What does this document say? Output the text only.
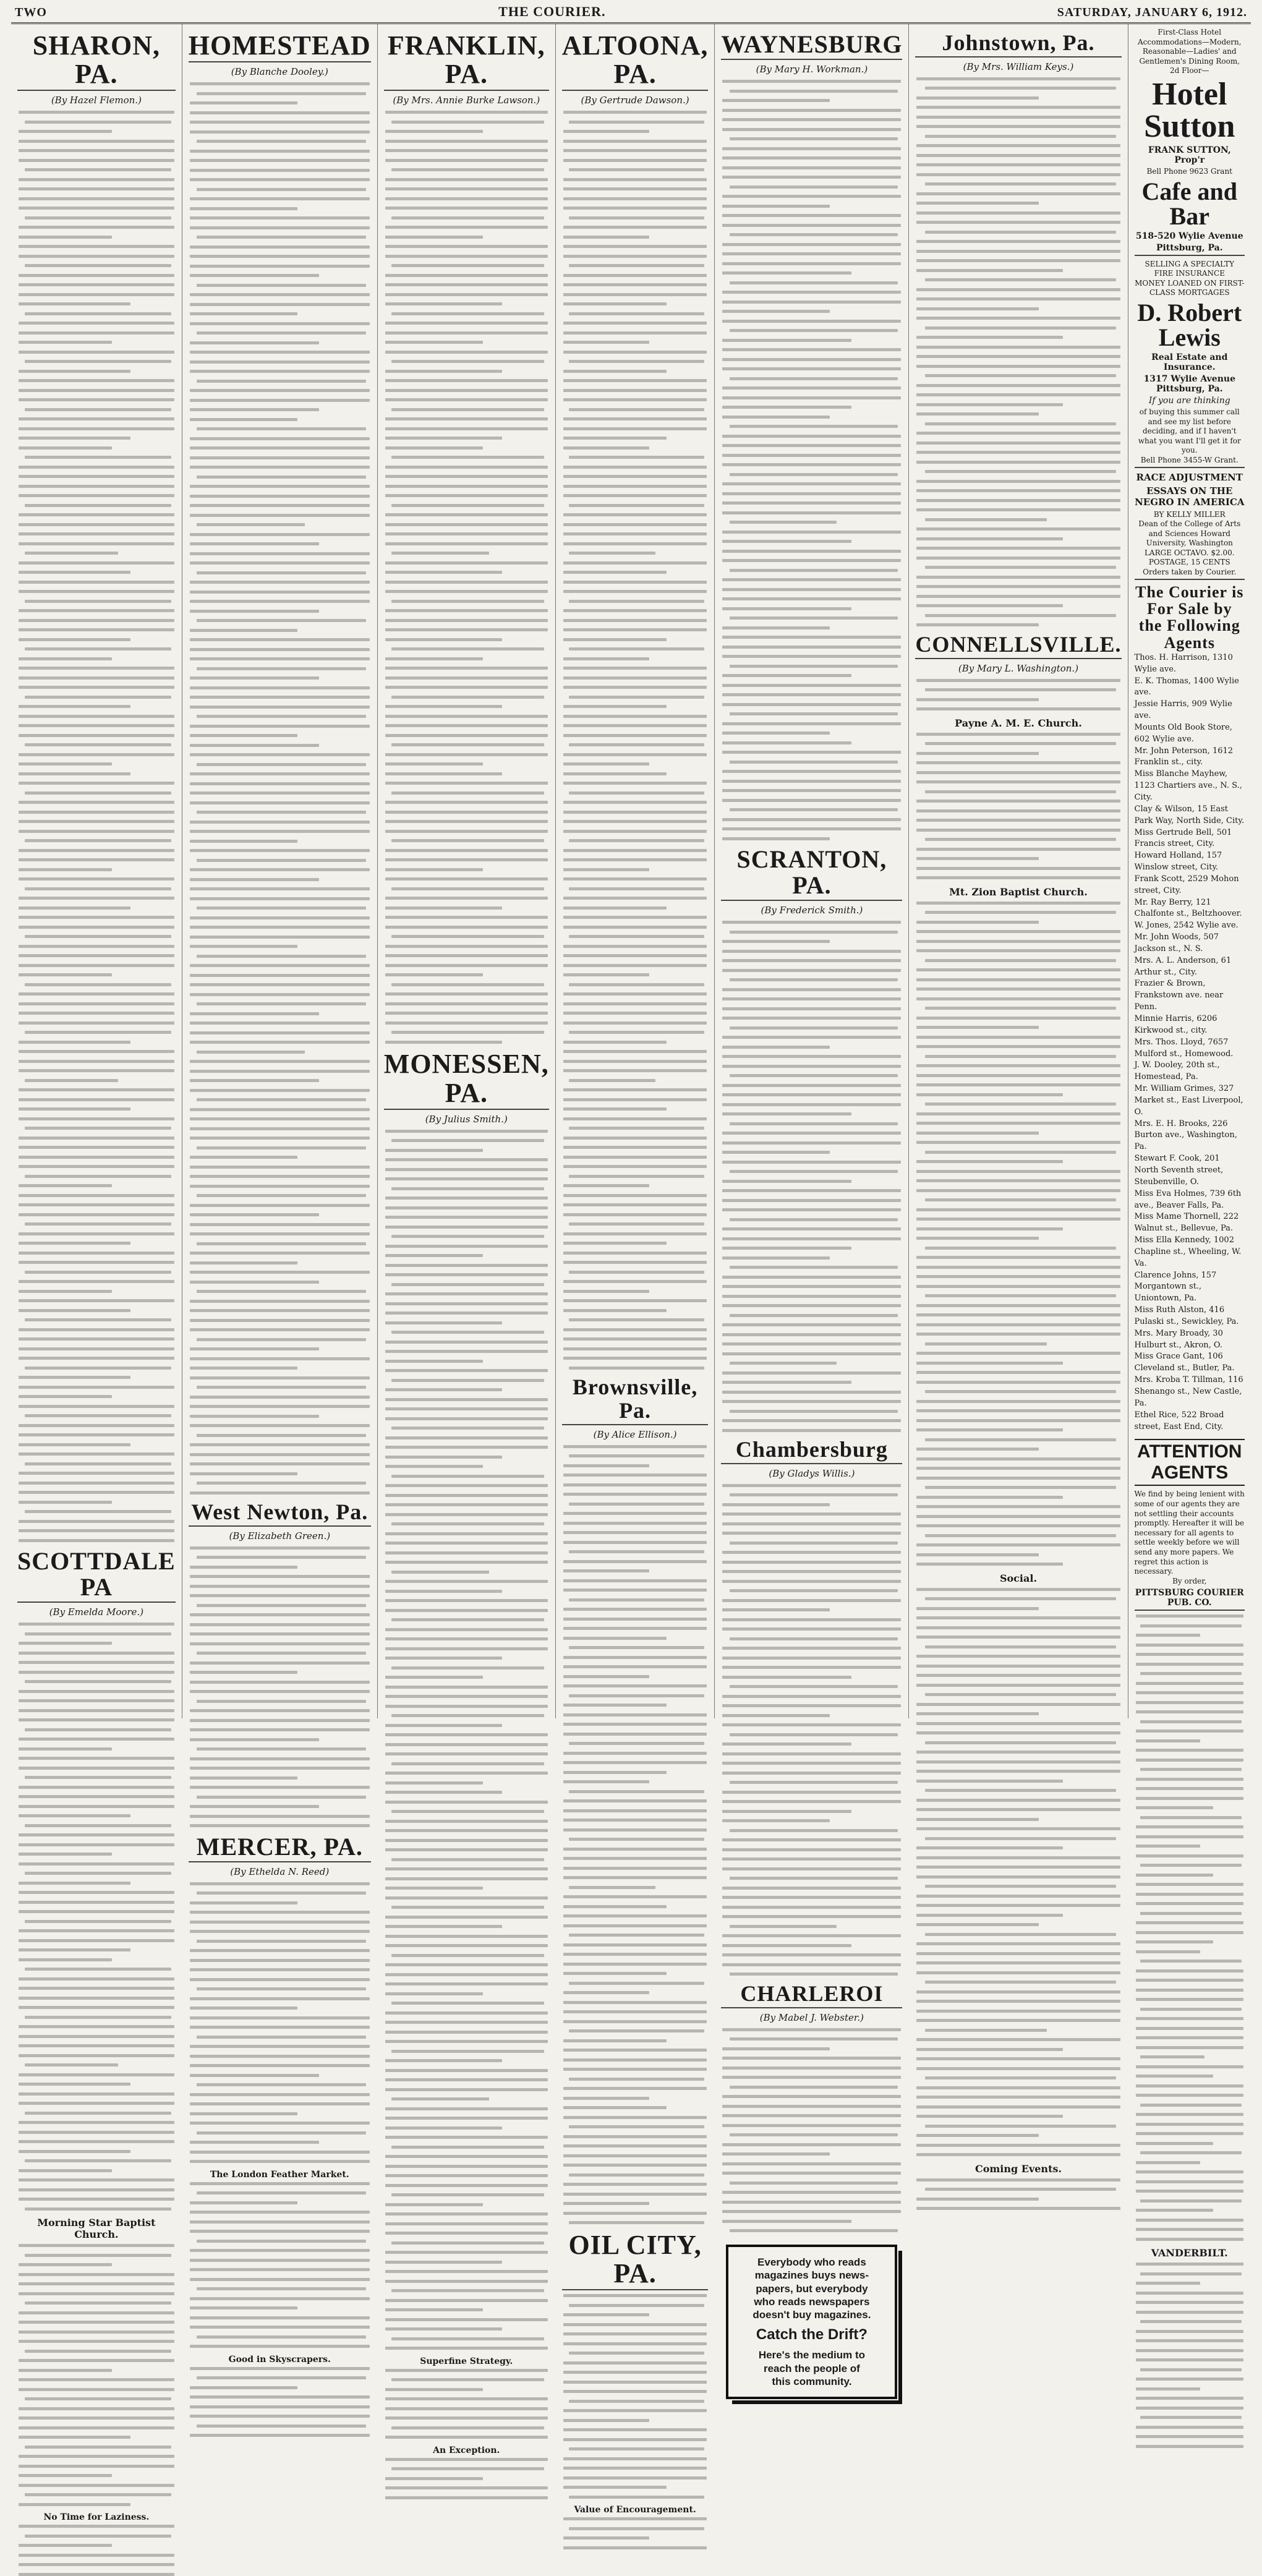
TWO	THE COURIER.	SATURDAY, JANUARY 6, 1912.
SHARON, PA.
(By Hazel Flemon.)
SCOTTDALE PA
(By Emelda Moore.)
Morning Star Baptist Church.
No Time for Laziness.
HOMESTEAD
(By Blanche Dooley.)
West Newton, Pa.
(By Elizabeth Green.)
MERCER, PA.
(By Ethelda N. Reed)
The London Feather Market.
Good in Skyscrapers.
FRANKLIN, PA.
(By Mrs. Annie Burke Lawson.)
MONESSEN, PA.
(By Julius Smith.)
Superfine Strategy.
An Exception.
ALTOONA, PA.
(By Gertrude Dawson.)
Brownsville, Pa.
(By Alice Ellison.)
OIL CITY, PA.
Value of Encouragement.
WAYNESBURG
(By Mary H. Workman.)
SCRANTON, PA.
(By Frederick Smith.)
Chambersburg
(By Gladys Willis.)
CHARLEROI
(By Mabel J. Webster.)
Everybody who reads
magazines buys news-
papers, but everybody
who reads newspapers
doesn't buy magazines.
Catch the Drift?
Here's the medium to
reach the people of
this community.
Johnstown, Pa.
(By Mrs. William Keys.)
CONNELLSVILLE.
(By Mary L. Washington.)
Payne A. M. E. Church.
Mt. Zion Baptist Church.
Social.
Coming Events.
First-Class Hotel Accommodations—Modern, Reasonable—Ladies' and Gentlemen's Dining Room, 2d Floor—
Hotel Sutton
FRANK SUTTON, Prop'r
Bell Phone 9623 Grant
Cafe and Bar
518-520 Wylie Avenue
Pittsburg, Pa.
SELLING A SPECIALTY FIRE INSURANCE
MONEY LOANED ON FIRST-CLASS MORTGAGES
D. Robert Lewis
Real Estate and Insurance.
1317 Wylie Avenue Pittsburg, Pa.
If you are thinking
of buying this summer call and see my list before deciding, and if I haven't what you want I'll get it for you.
Bell Phone 3455-W Grant.
RACE ADJUSTMENT
ESSAYS ON THE NEGRO IN AMERICA
BY KELLY MILLER
Dean of the College of Arts and Sciences Howard University, Washington
LARGE OCTAVO. $2.00. POSTAGE, 15 CENTS
Orders taken by Courier.
The Courier is For Sale by the Following Agents
Thos. H. Harrison, 1310 Wylie ave.
E. K. Thomas, 1400 Wylie ave.
Jessie Harris, 909 Wylie ave.
Mounts Old Book Store, 602 Wylie ave.
Mr. John Peterson, 1612 Franklin st., city.
Miss Blanche Mayhew, 1123 Chartiers ave., N. S., City.
Clay & Wilson, 15 East Park Way, North Side, City.
Miss Gertrude Bell, 501 Francis street, City.
Howard Holland, 157 Winslow street, City.
Frank Scott, 2529 Mohon street, City.
Mr. Ray Berry, 121 Chalfonte st., Beltzhoover.
W. Jones, 2542 Wylie ave.
Mr. John Woods, 507 Jackson st., N. S.
Mrs. A. L. Anderson, 61 Arthur st., City.
Frazier & Brown, Frankstown ave. near Penn.
Minnie Harris, 6206 Kirkwood st., city.
Mrs. Thos. Lloyd, 7657 Mulford st., Homewood.
J. W. Dooley, 20th st., Homestead, Pa.
Mr. William Grimes, 327 Market st., East Liverpool, O.
Mrs. E. H. Brooks, 226 Burton ave., Washington, Pa.
Stewart F. Cook, 201 North Seventh street, Steubenville, O.
Miss Eva Holmes, 739 6th ave., Beaver Falls, Pa.
Miss Mame Thornell, 222 Walnut st., Bellevue, Pa.
Miss Ella Kennedy, 1002 Chapline st., Wheeling, W. Va.
Clarence Johns, 157 Morgantown st., Uniontown, Pa.
Miss Ruth Alston, 416 Pulaski st., Sewickley, Pa.
Mrs. Mary Broady, 30 Hulburt st., Akron, O.
Miss Grace Gant, 106 Cleveland st., Butler, Pa.
Mrs. Kroba T. Tillman, 116 Shenango st., New Castle, Pa.
Ethel Rice, 522 Broad street, East End, City.
ATTENTION AGENTS
We find by being lenient with some of our agents they are not settling their accounts promptly. Hereafter it will be necessary for all agents to settle weekly before we will send any more papers. We regret this action is necessary.
By order,
PITTSBURG COURIER PUB. CO.
VANDERBILT.
